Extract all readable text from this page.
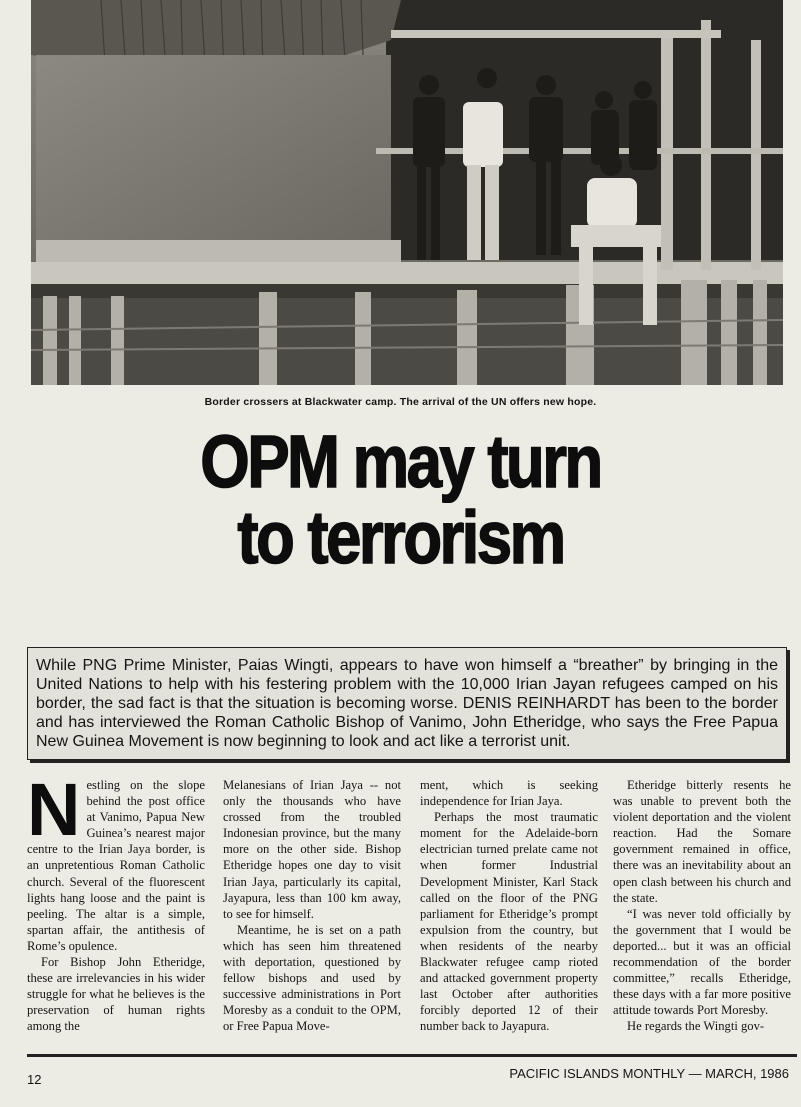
Border crossers at Blackwater camp. The arrival of the UN offers new hope.
OPM may turn
to terrorism
While PNG Prime Minister, Paias Wingti, appears to have won himself a “breather” by bringing in the United Nations to help with his festering problem with the 10,000 Irian Jayan refugees camped on his border, the sad fact is that the situation is becoming worse. DENIS REINHARDT has been to the border and has interviewed the Roman Catholic Bishop of Vanimo, John Etheridge, who says the Free Papua New Guinea Movement is now beginning to look and act like a terrorist unit.
N estling on the slope behind the post office at Vanimo, Papua New Guinea’s nearest major centre to the Irian Jaya border, is an unpretentious Roman Catholic church. Several of the fluorescent lights hang loose and the paint is peeling. The altar is a simple, spartan affair, the antithesis of Rome’s opulence.

For Bishop John Etheridge, these are irrelevancies in his wider struggle for what he believes is the preservation of human rights among the

Melanesians of Irian Jaya -- not only the thousands who have crossed from the troubled Indonesian province, but the many more on the other side. Bishop Etheridge hopes one day to visit Irian Jaya, particularly its capital, Jayapura, less than 100 km away, to see for himself.

Meantime, he is set on a path which has seen him threatened with deportation, questioned by fellow bishops and used by successive administrations in Port Moresby as a conduit to the OPM, or Free Papua Move-

ment, which is seeking independence for Irian Jaya.

Perhaps the most traumatic moment for the Adelaide-born electrician turned prelate came not when former Industrial Development Minister, Karl Stack called on the floor of the PNG parliament for Etheridge’s prompt expulsion from the country, but when residents of the nearby Blackwater refugee camp rioted and attacked government property last October after authorities forcibly deported 12 of their number back to Jayapura.

Etheridge bitterly resents he was unable to prevent both the violent deportation and the violent reaction. Had the Somare government remained in office, there was an inevitability about an open clash between his church and the state.

“I was never told officially by the government that I would be deported... but it was an official recommendation of the border committee,” recalls Etheridge, these days with a far more positive attitude towards Port Moresby.

He regards the Wingti gov-

12	PACIFIC ISLANDS MONTHLY — MARCH, 1986
